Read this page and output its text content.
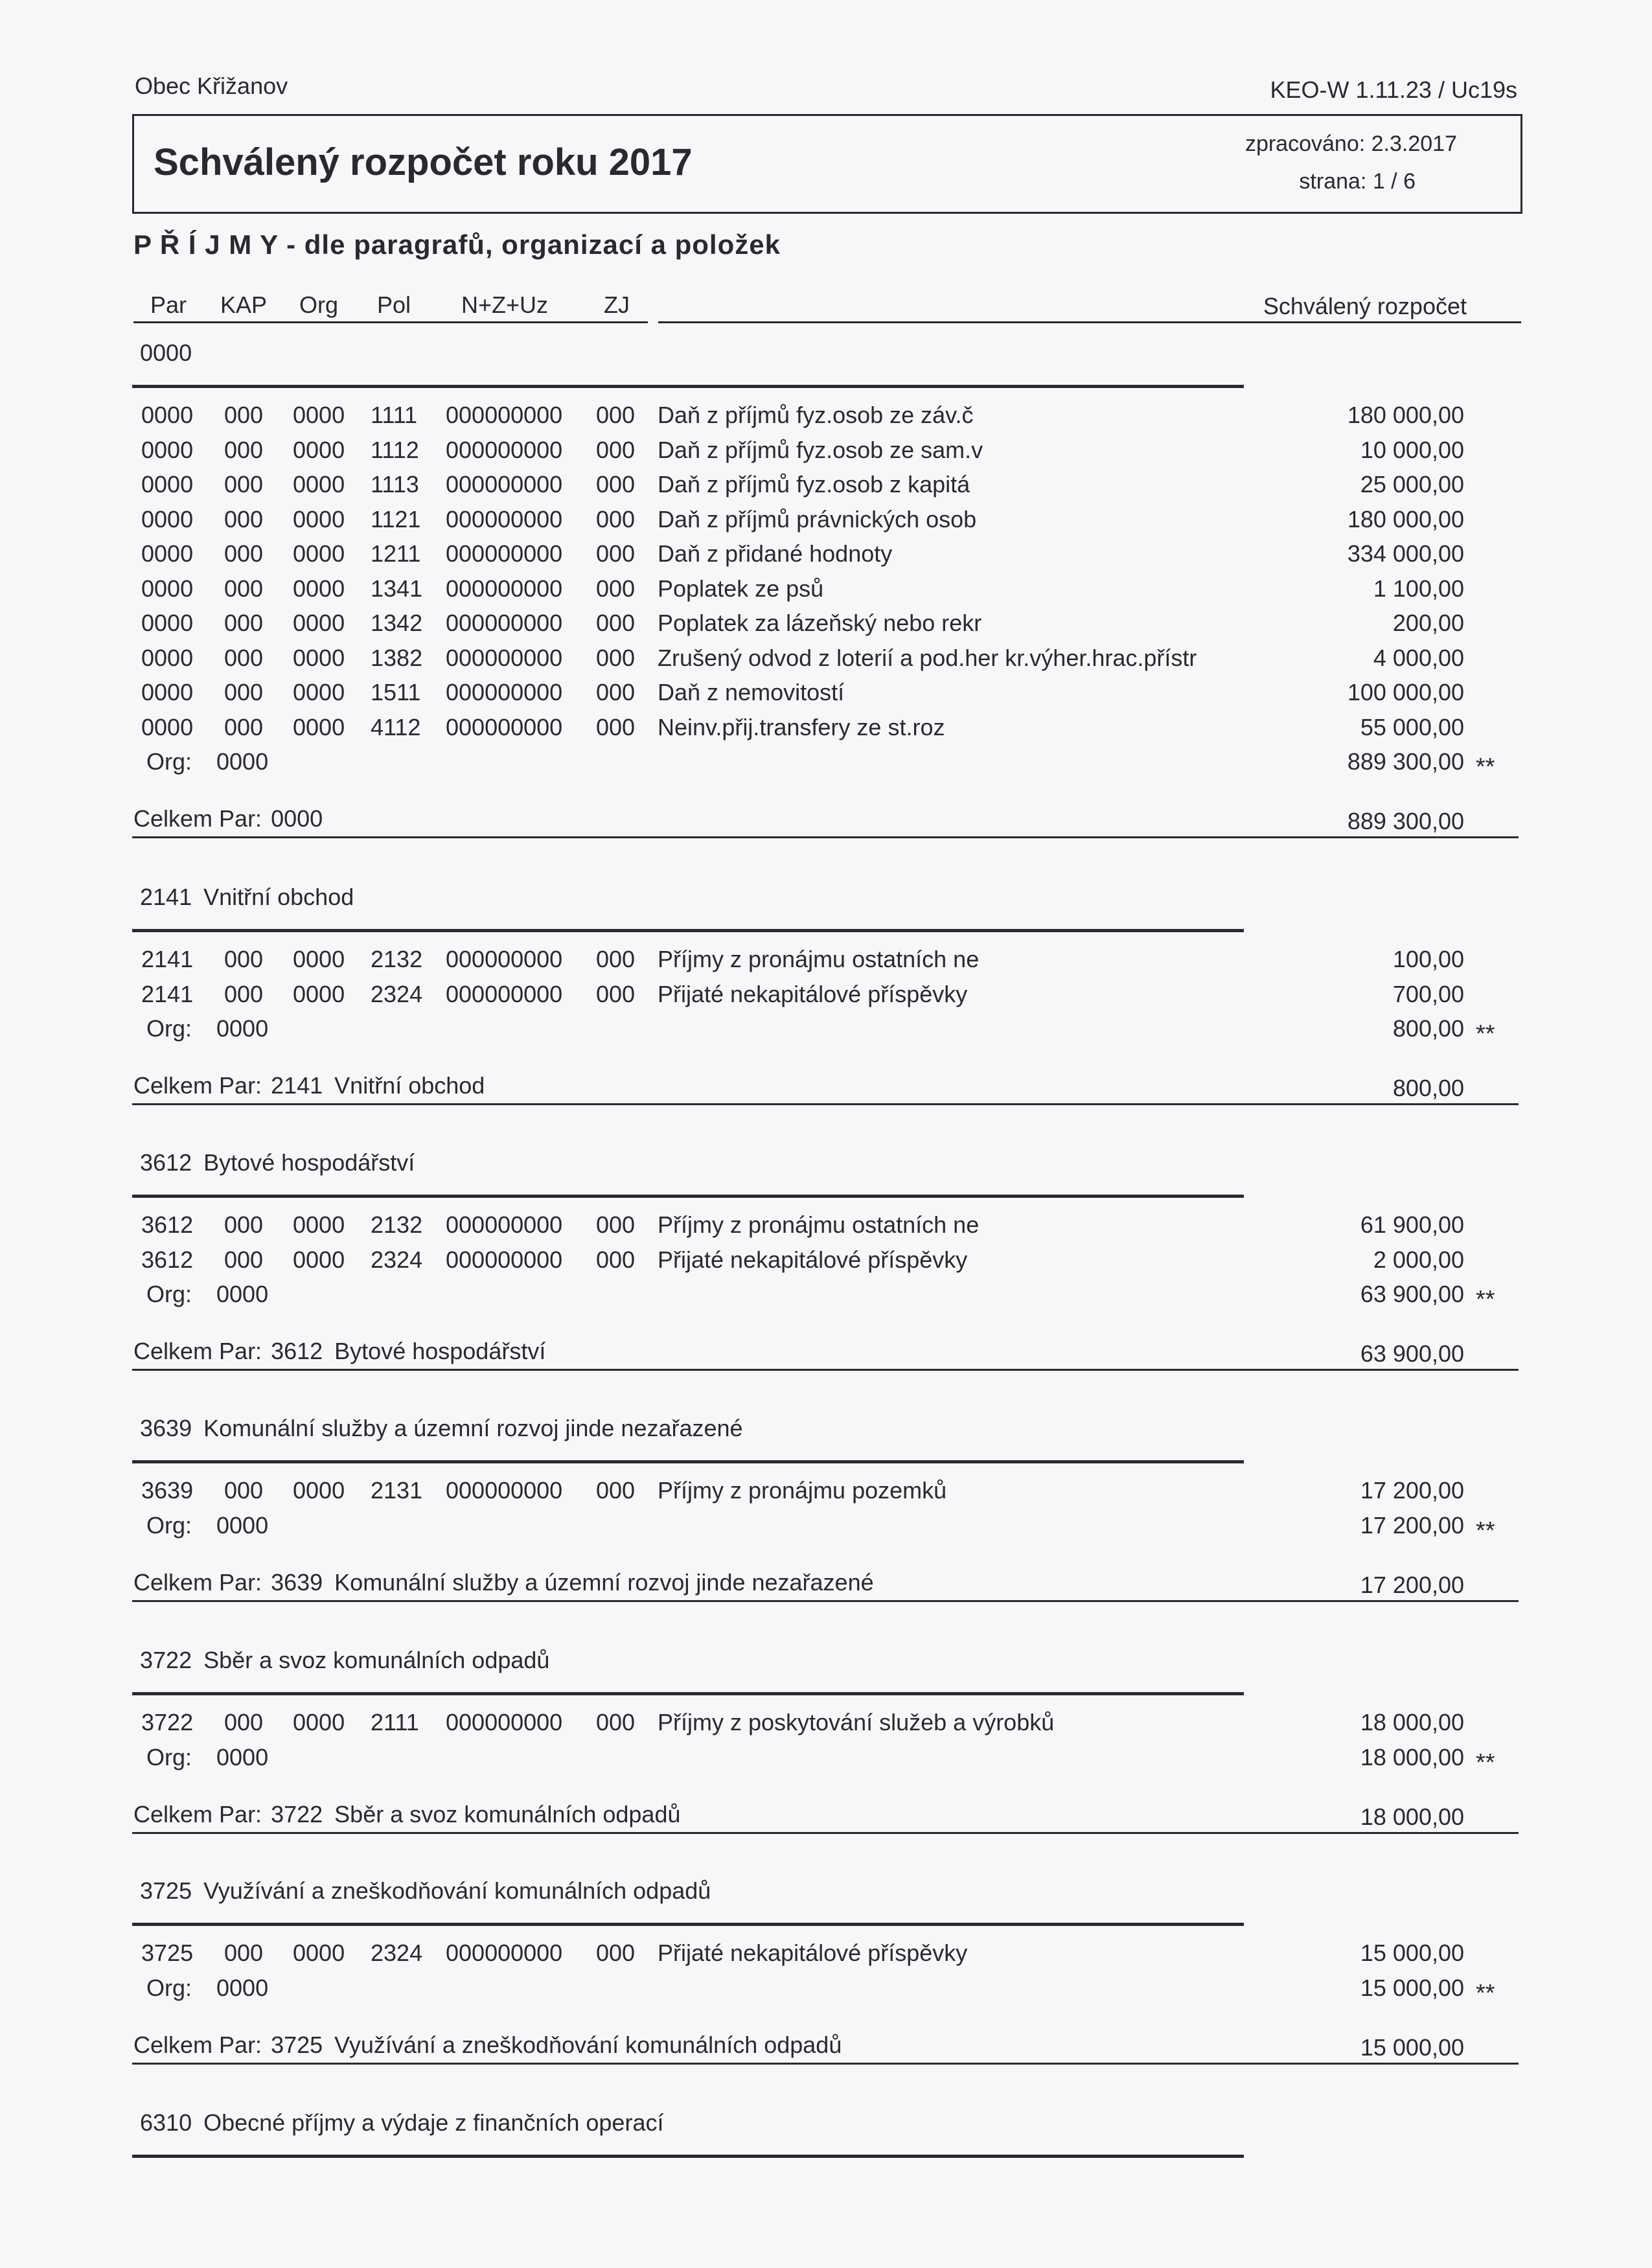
Obec Křižanov	KEO-W 1.11.23 / Uc19s
Schválený rozpočet roku 2017	zpracováno: 2.3.2017
strana: 1 / 6
P Ř Í J M Y - dle paragrafů, organizací a položek
Par KAP Org Pol N+Z+Uz ZJ	Schválený rozpočet
0000
0000 000 0000 1111 000000000 000 Daň z příjmů fyz.osob ze záv.č	180 000,00
0000 000 0000 1112 000000000 000 Daň z příjmů fyz.osob ze sam.v	10 000,00
0000 000 0000 1113 000000000 000 Daň z příjmů fyz.osob z kapitá	25 000,00
0000 000 0000 1121 000000000 000 Daň z příjmů právnických osob	180 000,00
0000 000 0000 1211 000000000 000 Daň z přidané hodnoty	334 000,00
0000 000 0000 1341 000000000 000 Poplatek ze psů	1 100,00
0000 000 0000 1342 000000000 000 Poplatek za lázeňský nebo rekr	200,00
0000 000 0000 1382 000000000 000 Zrušený odvod z loterií a pod.her kr.výher.hrac.přístr	4 000,00
0000 000 0000 1511 000000000 000 Daň z nemovitostí	100 000,00
0000 000 0000 4112 000000000 000 Neinv.přij.transfery ze st.roz	55 000,00
Org: 0000	889 300,00 **
Celkem Par: 0000	889 300,00
2141 Vnitřní obchod
2141 000 0000 2132 000000000 000 Příjmy z pronájmu ostatních ne	100,00
2141 000 0000 2324 000000000 000 Přijaté nekapitálové příspěvky	700,00
Org: 0000	800,00 **
Celkem Par: 2141 Vnitřní obchod	800,00
3612 Bytové hospodářství
3612 000 0000 2132 000000000 000 Příjmy z pronájmu ostatních ne	61 900,00
3612 000 0000 2324 000000000 000 Přijaté nekapitálové příspěvky	2 000,00
Org: 0000	63 900,00 **
Celkem Par: 3612 Bytové hospodářství	63 900,00
3639 Komunální služby a územní rozvoj jinde nezařazené
3639 000 0000 2131 000000000 000 Příjmy z pronájmu pozemků	17 200,00
Org: 0000	17 200,00 **
Celkem Par: 3639 Komunální služby a územní rozvoj jinde nezařazené	17 200,00
3722 Sběr a svoz komunálních odpadů
3722 000 0000 2111 000000000 000 Příjmy z poskytování služeb a výrobků	18 000,00
Org: 0000	18 000,00 **
Celkem Par: 3722 Sběr a svoz komunálních odpadů	18 000,00
3725 Využívání a zneškodňování komunálních odpadů
3725 000 0000 2324 000000000 000 Přijaté nekapitálové příspěvky	15 000,00
Org: 0000	15 000,00 **
Celkem Par: 3725 Využívání a zneškodňování komunálních odpadů	15 000,00
6310 Obecné příjmy a výdaje z finančních operací
